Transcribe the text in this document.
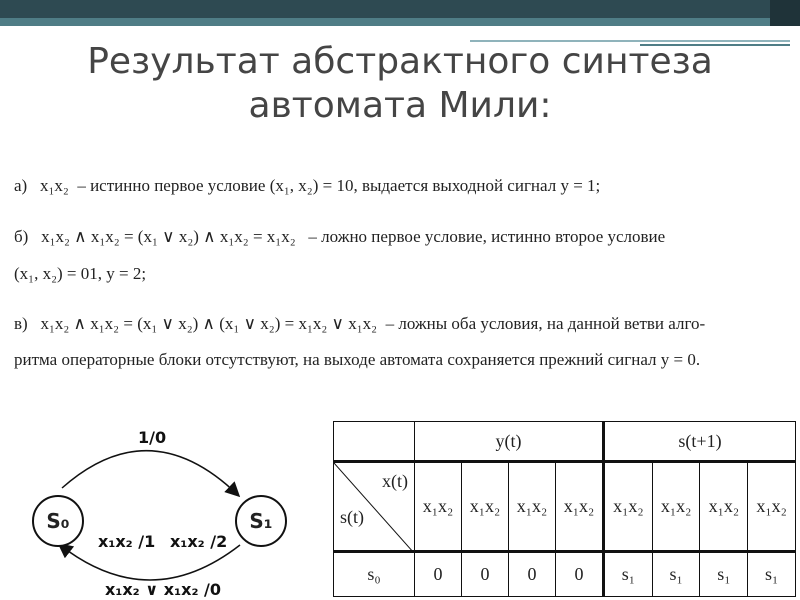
Результат абстрактного синтеза
автомата Мили:
а) x₁x₂ – истинно первое условие (x₁, x₂) = 10, выдается выходной сигнал y = 1;
б) x₁x₂ ∧ x₁x₂ = (x₁ ∨ x₂) ∧ x₁x₂ = x₁x₂ – ложно первое условие, истинно второе условие
(x₁, x₂) = 01, y = 2;
в) x₁x₂ ∧ x₁x₂ = (x₁ ∨ x₂) ∧ (x₁ ∨ x₂) = x₁x₂ ∨ x₁x₂ – ложны оба условия, на данной ветви алго-
ритма операторные блоки отсутствуют, на выходе автомата сохраняется прежний сигнал y = 0.
1/0
S₀	S₁
x₁x₂ /1 x₁x₂ /2
x₁x₂ ∨ x₁x₂ /0
	y(t)				s(t+1)			

x(t)
s(t)	x₁x₂	x₁x₂	x₁x₂	x₁x₂	x₁x₂	x₁x₂	x₁x₂	x₁x₂
s₀	0	0	0	0	s₁	s₁	s₁	s₁
